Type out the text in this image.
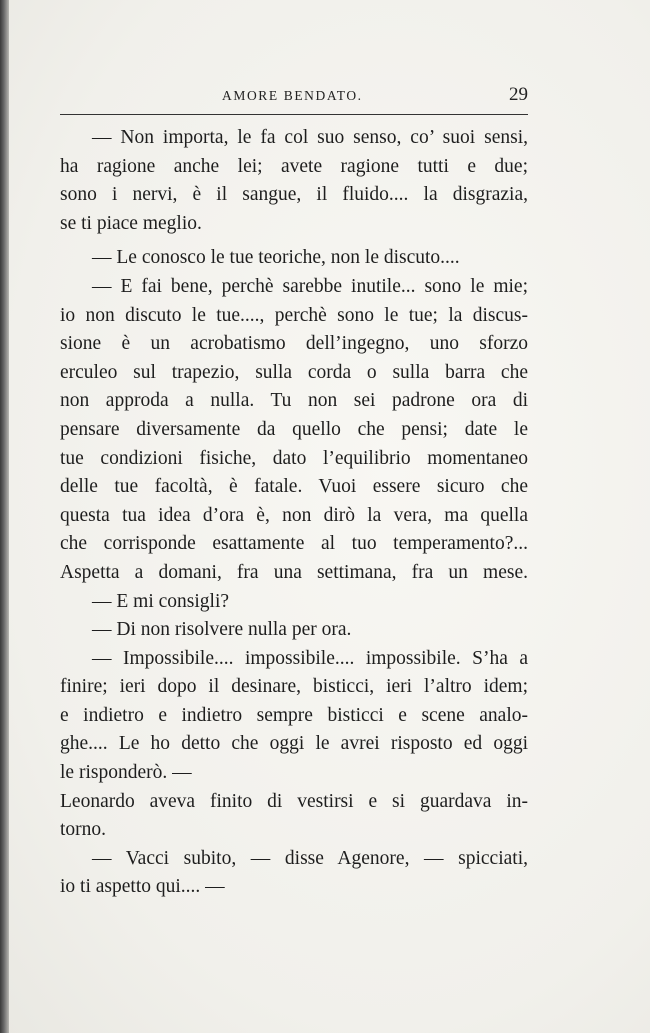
AMORE BENDATO.	29
— Non importa, le fa col suo senso, co’ suoi sensi,
ha ragione anche lei; avete ragione tutti e due;
sono i nervi, è il sangue, il fluido.... la disgrazia,
se ti piace meglio.
— Le conosco le tue teoriche, non le discuto....
— E fai bene, perchè sarebbe inutile... sono le mie;
io non discuto le tue...., perchè sono le tue; la discus-
sione è un acrobatismo dell’ingegno, uno sforzo
erculeo sul trapezio, sulla corda o sulla barra che
non approda a nulla. Tu non sei padrone ora di
pensare diversamente da quello che pensi; date le
tue condizioni fisiche, dato l’equilibrio momentaneo
delle tue facoltà, è fatale. Vuoi essere sicuro che
questa tua idea d’ora è, non dirò la vera, ma quella
che corrisponde esattamente al tuo temperamento?...
Aspetta a domani, fra una settimana, fra un mese.
— E mi consigli?
— Di non risolvere nulla per ora.
— Impossibile.... impossibile.... impossibile. S’ha a
finire; ieri dopo il desinare, bisticci, ieri l’altro idem;
e indietro e indietro sempre bisticci e scene analo-
ghe.... Le ho detto che oggi le avrei risposto ed oggi
le risponderò. —
Leonardo aveva finito di vestirsi e si guardava in-
torno.
— Vacci subito, — disse Agenore, — spicciati,
io ti aspetto qui.... —
